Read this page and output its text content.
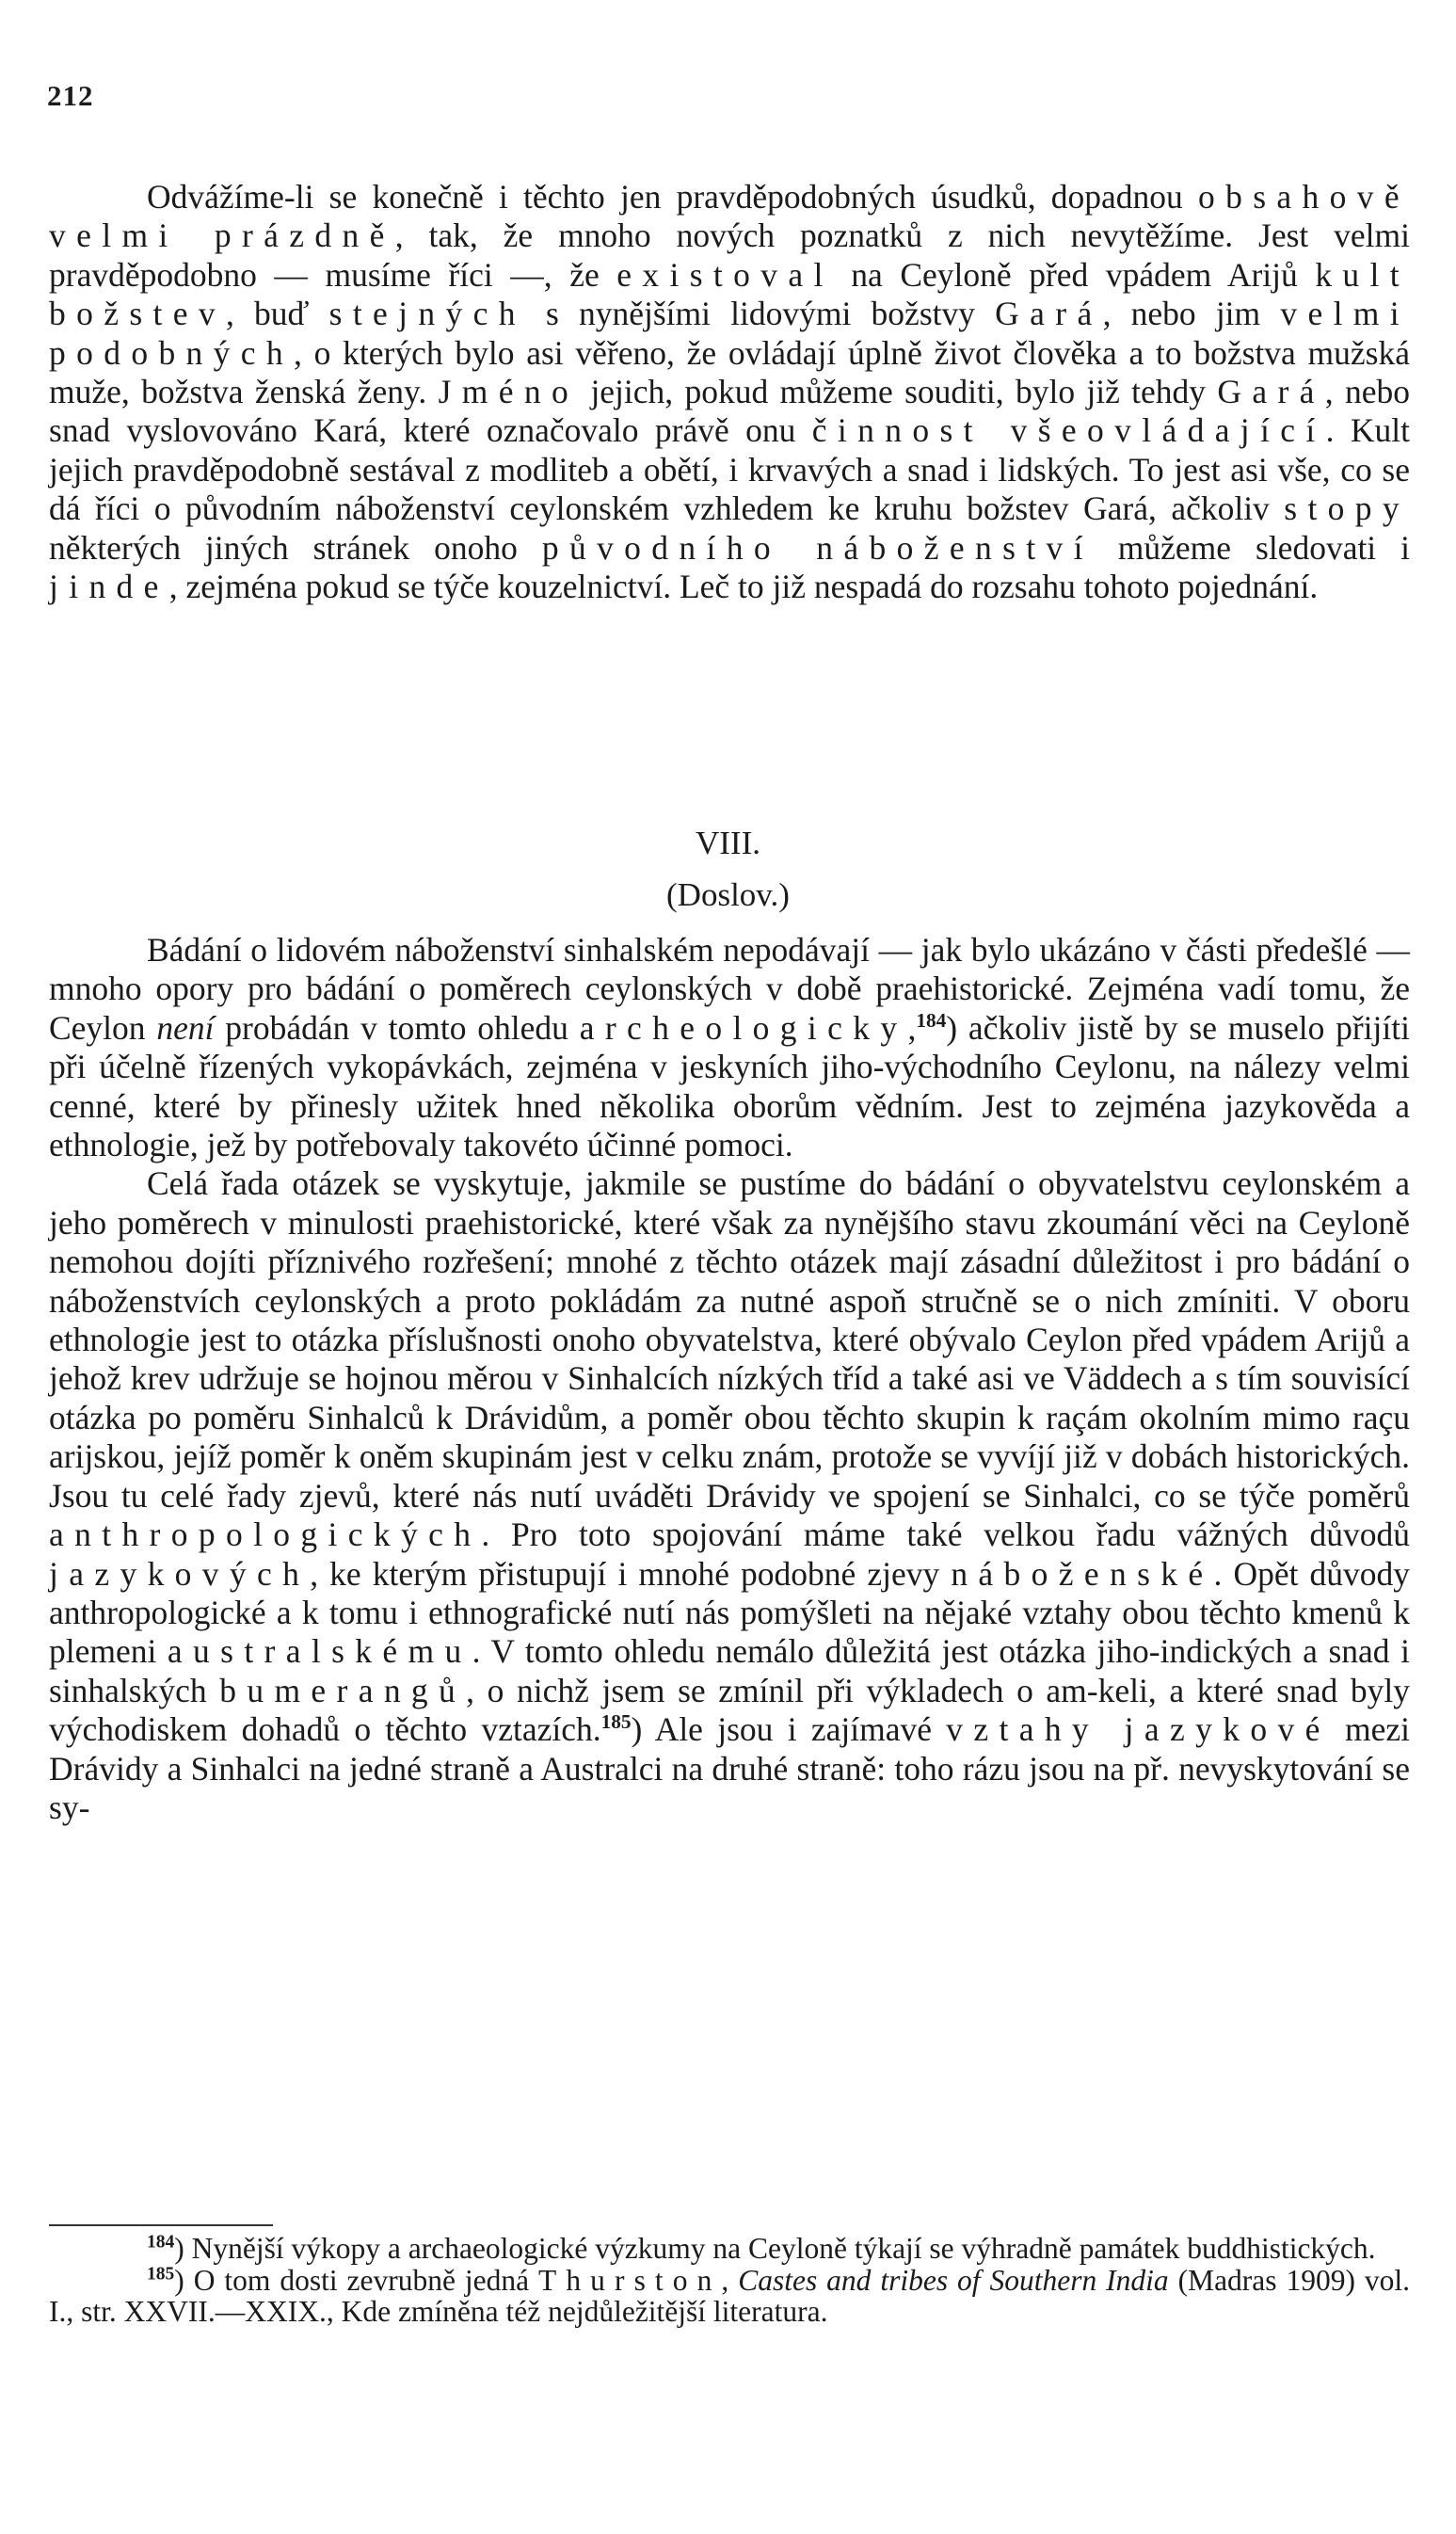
212

Odvážíme-li se konečně i těchto jen pravděpodobných úsudků, dopadnou obsahově velmi prázdně, tak, že mnoho nových poznatků z nich nevytěžíme. Jest velmi pravděpodobno — musíme říci —, že existoval na Ceyloně před vpádem Arijů kult božstev, buď stejných s nynějšími lidovými božstvy Gará, nebo jim velmi podobných, o kterých bylo asi věřeno, že ovládají úplně život člověka a to božstva mužská muže, božstva ženská ženy. Jméno jejich, pokud můžeme souditi, bylo již tehdy Gará, nebo snad vyslovováno Kará, které označovalo právě onu činnost všeovládající. Kult jejich pravděpodobně sestával z modliteb a obětí, i krvavých a snad i lidských. To jest asi vše, co se dá říci o původním náboženství ceylonském vzhledem ke kruhu božstev Gará, ačkoliv stopy některých jiných stránek onoho původního náboženství můžeme sledovati i jinde, zejména pokud se týče kouzelnictví. Leč to již nespadá do rozsahu tohoto pojednání.

VIII.
(Doslov.)

Bádání o lidovém náboženství sinhalském nepodávají — jak bylo ukázáno v části předešlé — mnoho opory pro bádání o poměrech ceylonských v době praehistorické. Zejména vadí tomu, že Ceylon není probádán v tomto ohledu archeologicky,$^{184}$) ačkoliv jistě by se muselo přijíti při účelně řízených vykopávkách, zejména v jeskyních jiho-východního Ceylonu, na nálezy velmi cenné, které by přinesly užitek hned několika oborům vědním. Jest to zejména jazykověda a ethnologie, jež by potřebovaly takovéto účinné pomoci.

Celá řada otázek se vyskytuje, jakmile se pustíme do bádání o obyvatelstvu ceylonském a jeho poměrech v minulosti praehistorické, které však za nynějšího stavu zkoumání věci na Ceyloně nemohou dojíti příznivého rozřešení; mnohé z těchto otázek mají zásadní důležitost i pro bádání o náboženstvích ceylonských a proto pokládám za nutné aspoň stručně se o nich zmíniti. V oboru ethnologie jest to otázka příslušnosti onoho obyvatelstva, které obývalo Ceylon před vpádem Arijů a jehož krev udržuje se hojnou měrou v Sinhalcích nízkých tříd a také asi ve Väddech a s tím souvisící otázka po poměru Sinhalců k Drávidům, a poměr obou těchto skupin k raçám okolním mimo raçu arijskou, jejíž poměr k oněm skupinám jest v celku znám, protože se vyvíjí již v dobách historických. Jsou tu celé řady zjevů, které nás nutí uváděti Drávidy ve spojení se Sinhalci, co se týče poměrů anthropologických. Pro toto spojování máme také velkou řadu vážných důvodů jazykových, ke kterým přistupují i mnohé podobné zjevy náboženské. Opět důvody anthropologické a k tomu i ethnografické nutí nás pomýšleti na nějaké vztahy obou těchto kmenů k plemeni australskému. V tomto ohledu nemálo důležitá jest otázka jiho-indických a snad i sinhalských bumerangů, o nichž jsem se zmínil při výkladech o am-keli, a které snad byly východiskem dohadů o těchto vztazích.$^{185}$) Ale jsou i zajímavé vztahy jazykové mezi Drávidy a Sinhalci na jedné straně a Australci na druhé straně: toho rázu jsou na př. nevyskytování se sy-

$^{184}$) Nynější výkopy a archaeologické výzkumy na Ceyloně týkají se výhradně památek buddhistických.

$^{185}$) O tom dosti zevrubně jedná Thurston, Castes and tribes of Southern India (Madras 1909) vol. I., str. XXVII.—XXIX., Kde zmíněna též nejdůležitější literatura.
